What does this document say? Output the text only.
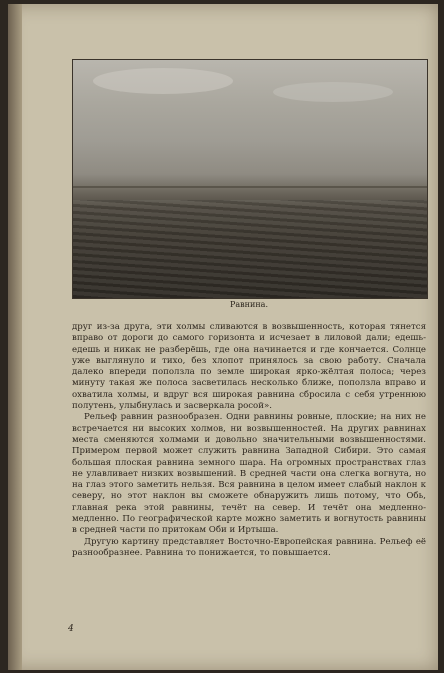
Равнина.

друг из-за друга, эти холмы сливаются в возвышенность, которая тянется вправо от дороги до самого горизонта и исчезает в лиловой дали; едешь-едешь и никак не разберёшь, где она начинается и где кончается. Солнце уже выглянуло и тихо, без хлопот принялось за свою работу. Сначала далеко впереди поползла по земле широкая ярко-жёлтая полоса; через минуту такая же полоса засветилась несколько ближе, поползла вправо и охватила холмы, и вдруг вся широкая равнина сбросила с себя утреннюю полутень, улыбнулась и засверкала росой».

Рельеф равнин разнообразен. Одни равнины ровные, плоские; на них не встречается ни высоких холмов, ни возвышенностей. На других равнинах места сменяются холмами и довольно значительными возвышенностями. Примером первой может служить равнина Западной Сибири. Это самая большая плоская равнина земного шара. На огромных пространствах глаз не улавливает низких возвышений. В средней части она слегка вогнута, но на глаз этого заметить нельзя. Вся равнина в целом имеет слабый наклон к северу, но этот наклон вы сможете обнаружить лишь потому, что Обь, главная река этой равнины, течёт на север. И течёт она медленно-медленно. По географической карте можно заметить и вогнутость равнины в средней части по притокам Оби и Иртыша.

Другую картину представляет Восточно-Европейская равнина. Рельеф её разнообразнее. Равнина то понижается, то повышается.

4
